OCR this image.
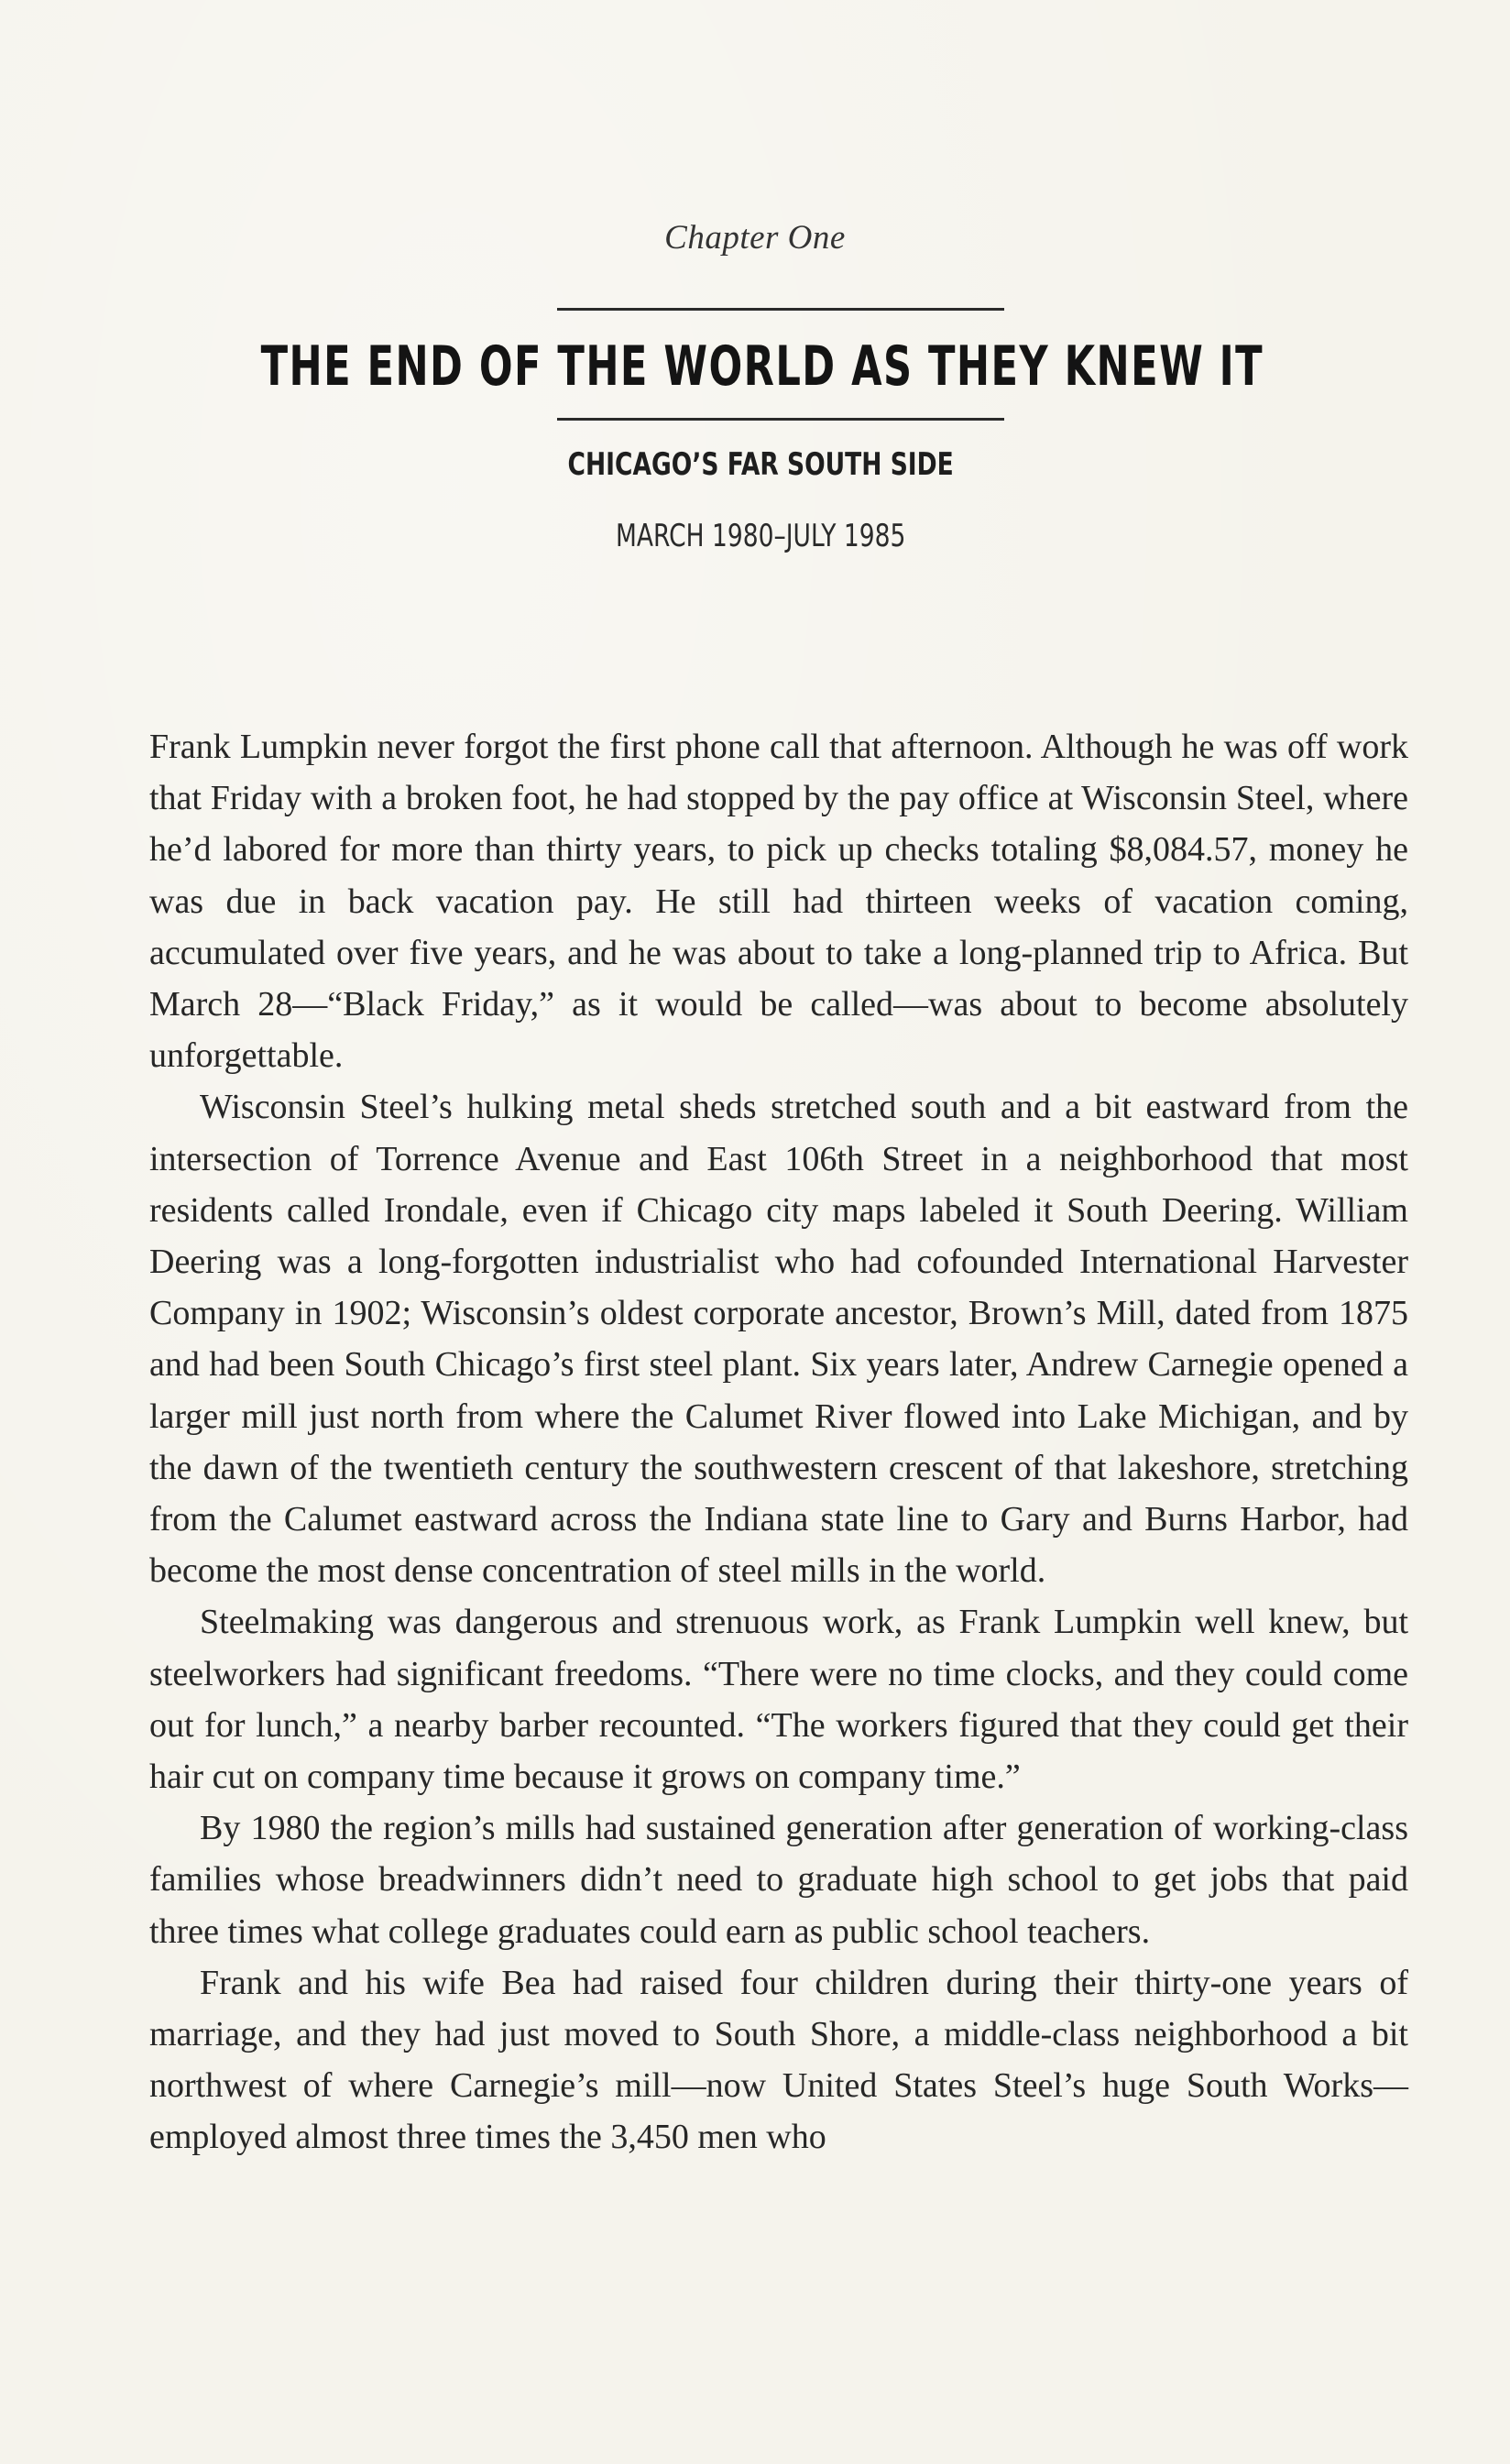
Chapter One
THE END OF THE WORLD AS THEY KNEW IT
CHICAGO’S FAR SOUTH SIDE
MARCH 1980–JULY 1985

Frank Lumpkin never forgot the first phone call that afternoon. Although he was off work that Friday with a broken foot, he had stopped by the pay office at Wisconsin Steel, where he’d labored for more than thirty years, to pick up checks totaling $8,084.57, money he was due in back vacation pay. He still had thirteen weeks of vacation coming, accumulated over five years, and he was about to take a long-planned trip to Africa. But March 28—“Black Friday,” as it would be called—was about to become absolutely unforgettable.

Wisconsin Steel’s hulking metal sheds stretched south and a bit eastward from the intersection of Torrence Avenue and East 106th Street in a neighborhood that most residents called Irondale, even if Chicago city maps labeled it South Deering. William Deering was a long-forgotten industrialist who had cofounded International Harvester Company in 1902; Wisconsin’s oldest corporate ancestor, Brown’s Mill, dated from 1875 and had been South Chicago’s first steel plant. Six years later, Andrew Carnegie opened a larger mill just north from where the Calumet River flowed into Lake Michigan, and by the dawn of the twentieth century the southwestern crescent of that lakeshore, stretching from the Calumet eastward across the Indiana state line to Gary and Burns Harbor, had become the most dense concentration of steel mills in the world.

Steelmaking was dangerous and strenuous work, as Frank Lumpkin well knew, but steelworkers had significant freedoms. “There were no time clocks, and they could come out for lunch,” a nearby barber recounted. “The workers figured that they could get their hair cut on company time because it grows on company time.”

By 1980 the region’s mills had sustained generation after generation of working-class families whose breadwinners didn’t need to graduate high school to get jobs that paid three times what college graduates could earn as public school teachers.

Frank and his wife Bea had raised four children during their thirty-one years of marriage, and they had just moved to South Shore, a middle-class neighborhood a bit northwest of where Carnegie’s mill—now United States Steel’s huge South Works—employed almost three times the 3,450 men who
